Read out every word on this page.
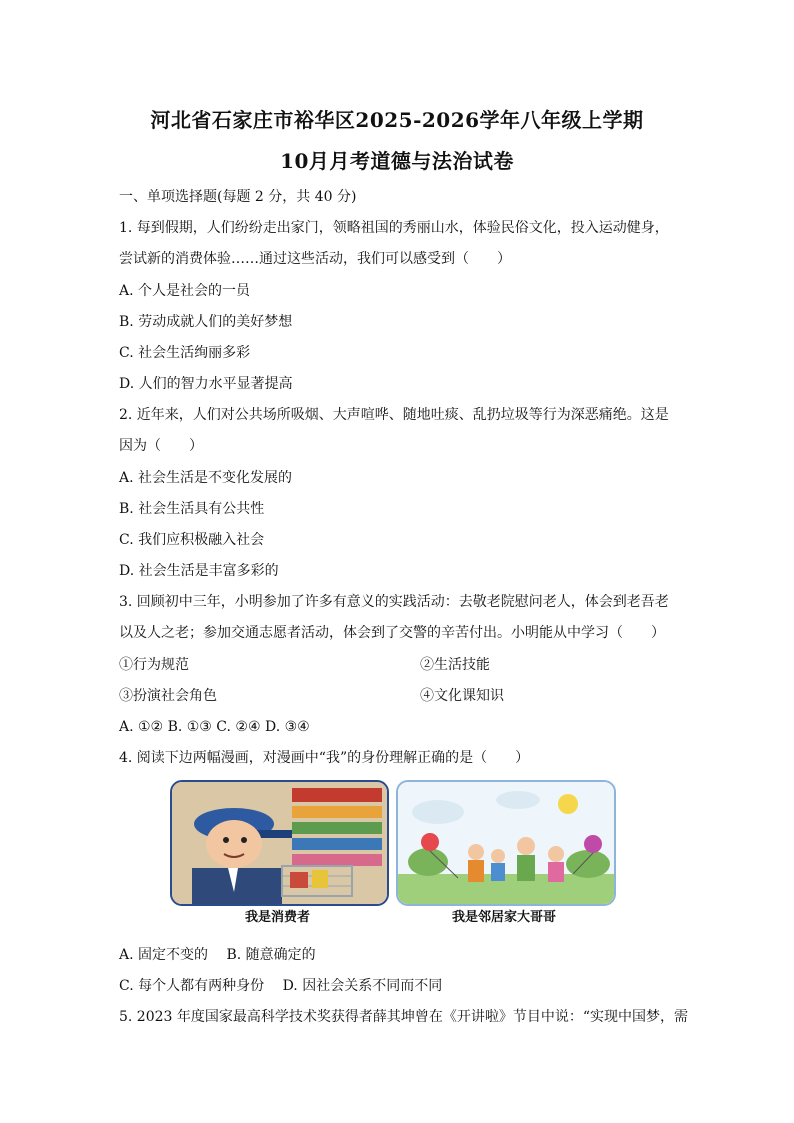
河北省石家庄市裕华区2025-2026学年八年级上学期
10月月考道德与法治试卷
一、单项选择题(每题 2 分，共 40 分)
1. 每到假期，人们纷纷走出家门，领略祖国的秀丽山水，体验民俗文化，投入运动健身，
尝试新的消费体验……通过这些活动，我们可以感受到（　　）
A. 个人是社会的一员
B. 劳动成就人们的美好梦想
C. 社会生活绚丽多彩
D. 人们的智力水平显著提高
2. 近年来，人们对公共场所吸烟、大声喧哗、随地吐痰、乱扔垃圾等行为深恶痛绝。这是
因为（　　）
A. 社会生活是不变化发展的
B. 社会生活具有公共性
C. 我们应积极融入社会
D. 社会生活是丰富多彩的
3. 回顾初中三年，小明参加了许多有意义的实践活动：去敬老院慰问老人，体会到老吾老
以及人之老；参加交通志愿者活动，体会到了交警的辛苦付出。小明能从中学习（　　）
①行为规范	②生活技能
③扮演社会角色	④文化课知识
A. ①② B. ①③ C. ②④ D. ③④
4. 阅读下边两幅漫画，对漫画中“我”的身份理解正确的是（　　）
我是消费者	我是邻居家大哥哥
A. 固定不变的　 B. 随意确定的
C. 每个人都有两种身份　 D. 因社会关系不同而不同
5. 2023 年度国家最高科学技术奖获得者薛其坤曾在《开讲啦》节目中说：“实现中国梦，需
